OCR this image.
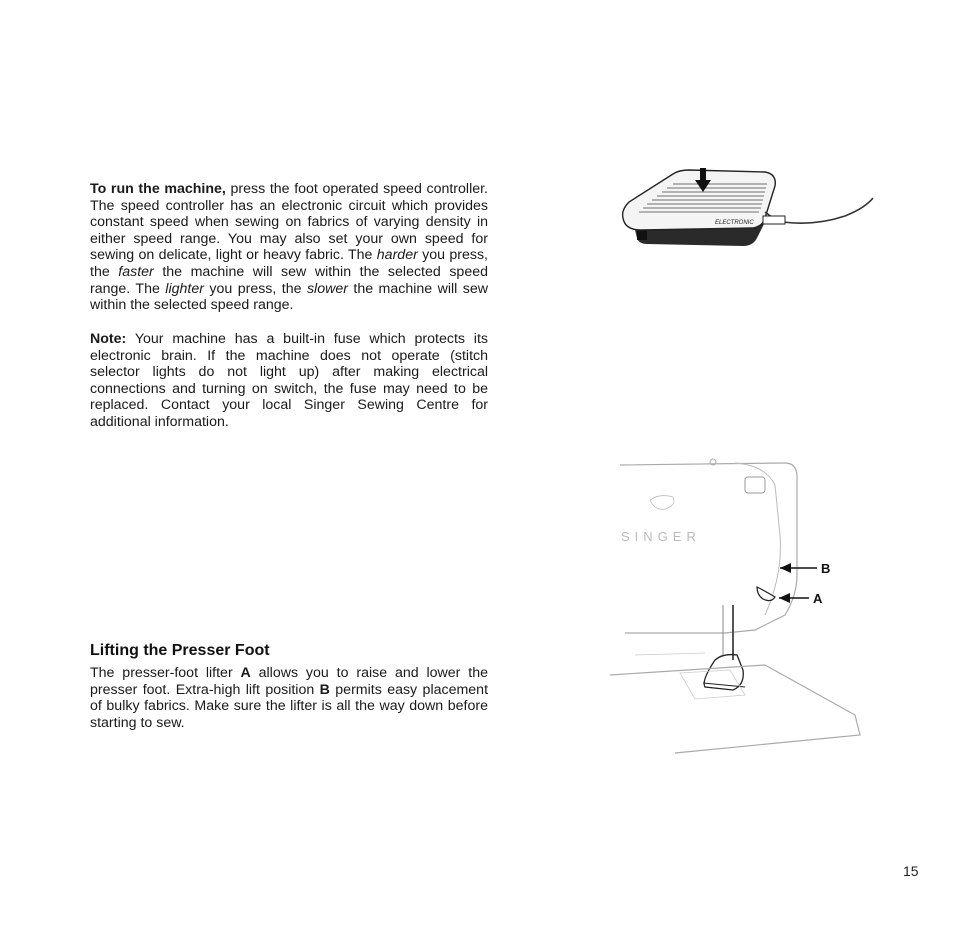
To run the machine, press the foot operated speed controller. The speed controller has an electronic circuit which provides constant speed when sewing on fabrics of varying density in either speed range. You may also set your own speed for sewing on delicate, light or heavy fabric. The harder you press, the faster the machine will sew within the selected speed range. The lighter you press, the slower the machine will sew within the selected speed range.

Note: Your machine has a built-in fuse which protects its electronic brain. If the machine does not operate (stitch selector lights do not light up) after making electrical connections and turning on switch, the fuse may need to be replaced. Contact your local Singer Sewing Centre for additional information.

Lifting the Presser Foot

The presser-foot lifter A allows you to raise and lower the presser foot. Extra-high lift position B permits easy placement of bulky fabrics. Make sure the lifter is all the way down before starting to sew.

ELECTRONIC
SINGER
B
A
15
